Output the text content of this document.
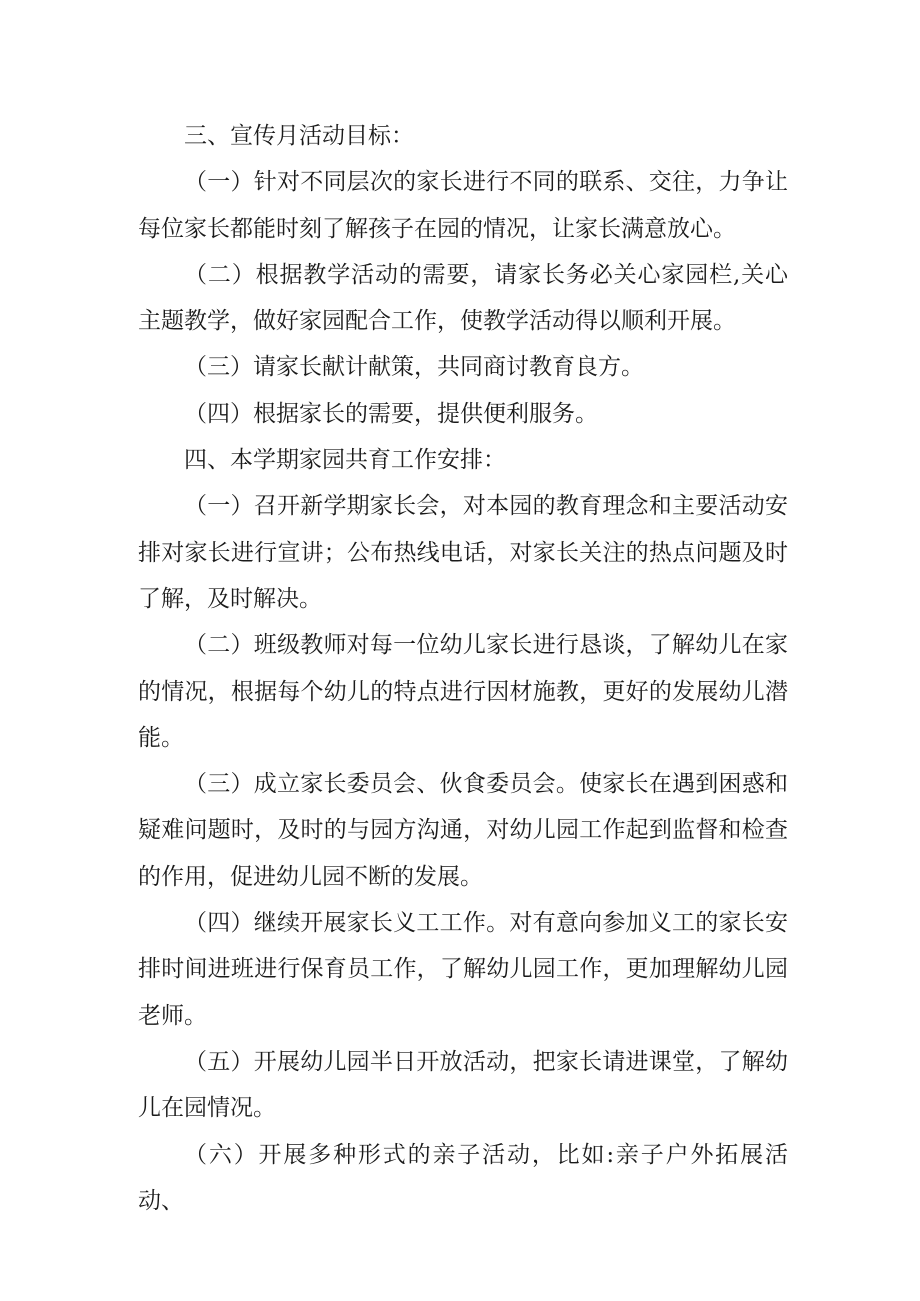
三、宣传月活动目标：

（一）针对不同层次的家长进行不同的联系、交往，力争让每位家长都能时刻了解孩子在园的情况，让家长满意放心。

（二）根据教学活动的需要，请家长务必关心家园栏,关心主题教学，做好家园配合工作，使教学活动得以顺利开展。

（三）请家长献计献策，共同商讨教育良方。

（四）根据家长的需要，提供便利服务。

四、本学期家园共育工作安排：

（一）召开新学期家长会，对本园的教育理念和主要活动安排对家长进行宣讲；公布热线电话，对家长关注的热点问题及时了解，及时解决。

（二）班级教师对每一位幼儿家长进行恳谈，了解幼儿在家的情况，根据每个幼儿的特点进行因材施教，更好的发展幼儿潜能。

（三）成立家长委员会、伙食委员会。使家长在遇到困惑和疑难问题时，及时的与园方沟通，对幼儿园工作起到监督和检查的作用，促进幼儿园不断的发展。

（四）继续开展家长义工工作。对有意向参加义工的家长安排时间进班进行保育员工作，了解幼儿园工作，更加理解幼儿园老师。

（五）开展幼儿园半日开放活动，把家长请进课堂，了解幼儿在园情况。

（六）开展多种形式的亲子活动，比如:亲子户外拓展活动、
